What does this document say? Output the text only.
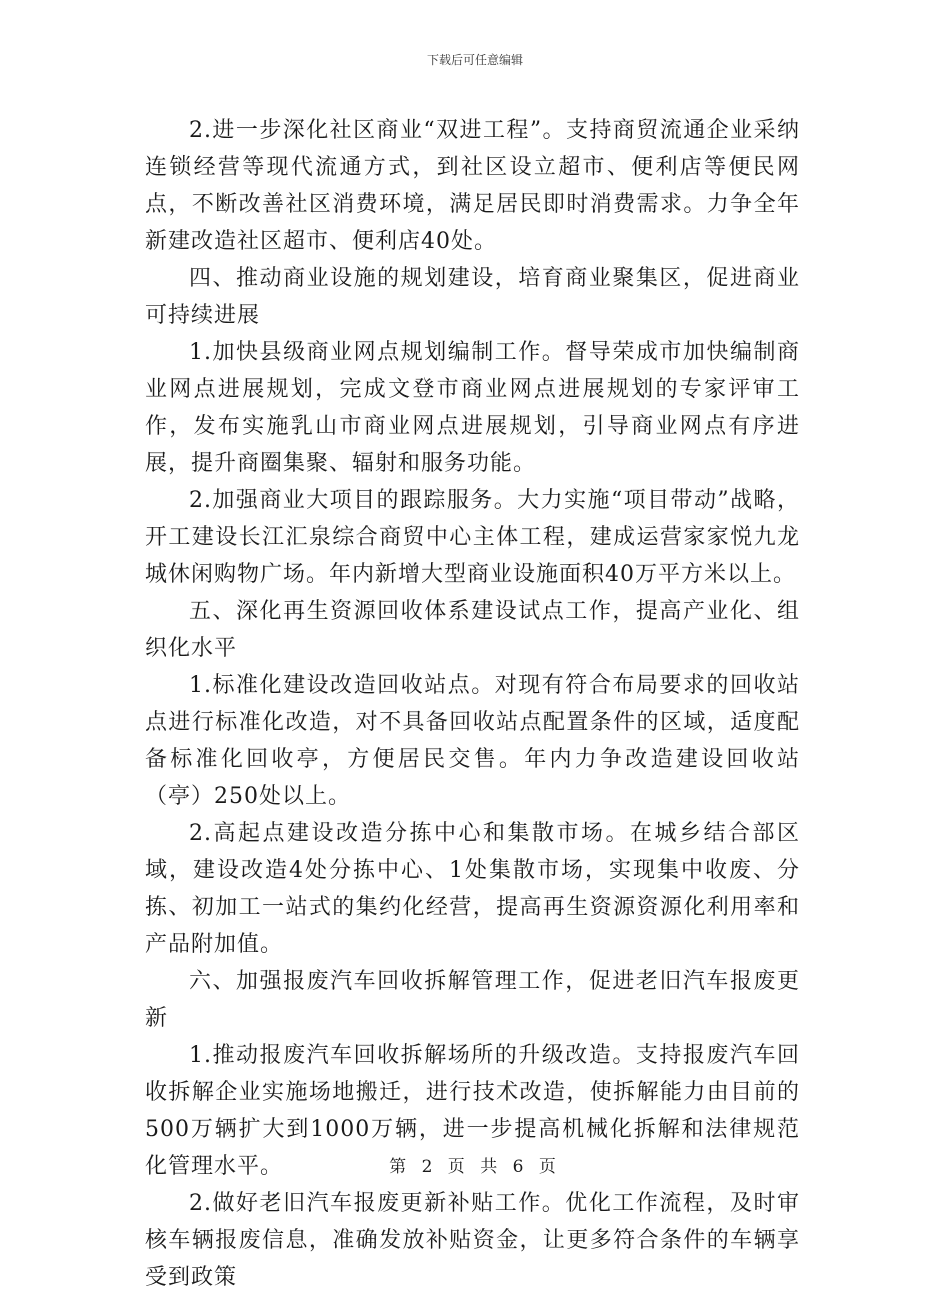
下载后可任意编辑

2.进一步深化社区商业“双进工程”。支持商贸流通企业采纳连锁经营等现代流通方式，到社区设立超市、便利店等便民网点，不断改善社区消费环境，满足居民即时消费需求。力争全年新建改造社区超市、便利店40处。

四、推动商业设施的规划建设，培育商业聚集区，促进商业可持续进展

1.加快县级商业网点规划编制工作。督导荣成市加快编制商业网点进展规划，完成文登市商业网点进展规划的专家评审工作，发布实施乳山市商业网点进展规划，引导商业网点有序进展，提升商圈集聚、辐射和服务功能。

2.加强商业大项目的跟踪服务。大力实施“项目带动”战略，开工建设长江汇泉综合商贸中心主体工程，建成运营家家悦九龙城休闲购物广场。年内新增大型商业设施面积40万平方米以上。

五、深化再生资源回收体系建设试点工作，提高产业化、组织化水平

1.标准化建设改造回收站点。对现有符合布局要求的回收站点进行标准化改造，对不具备回收站点配置条件的区域，适度配备标准化回收亭，方便居民交售。年内力争改造建设回收站（亭）250处以上。

2.高起点建设改造分拣中心和集散市场。在城乡结合部区域，建设改造4处分拣中心、1处集散市场，实现集中收废、分拣、初加工一站式的集约化经营，提高再生资源资源化利用率和产品附加值。

六、加强报废汽车回收拆解管理工作，促进老旧汽车报废更新

1.推动报废汽车回收拆解场所的升级改造。支持报废汽车回收拆解企业实施场地搬迁，进行技术改造，使拆解能力由目前的500万辆扩大到1000万辆，进一步提高机械化拆解和法律规范化管理水平。

2.做好老旧汽车报废更新补贴工作。优化工作流程，及时审核车辆报废信息，准确发放补贴资金，让更多符合条件的车辆享受到政策

第 2 页 共 6 页
